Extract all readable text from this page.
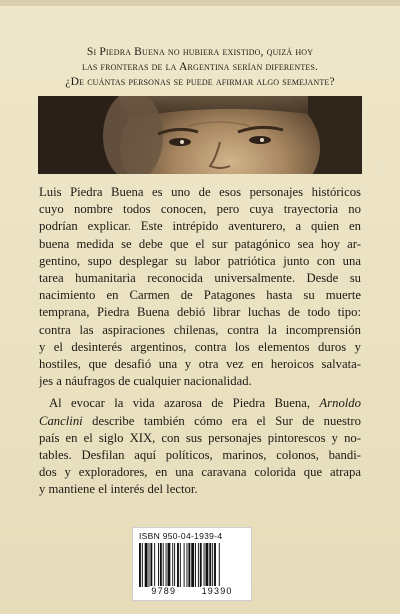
Si Piedra Buena no hubiera existido, quizá hoy
las fronteras de la Argentina serían diferentes.
¿De cuántas personas se puede afirmar algo semejante?
Luis Piedra Buena es uno de esos personajes históricos
cuyo nombre todos conocen, pero cuya trayectoria no
podrían explicar. Este intrépido aventurero, a quien en
buena medida se debe que el sur patagónico sea hoy ar-
gentino, supo desplegar su labor patriótica junto con una
tarea humanitaria reconocida universalmente. Desde su
nacimiento en Carmen de Patagones hasta su muerte
temprana, Piedra Buena debió librar luchas de todo tipo:
contra las aspiraciones chilenas, contra la incomprensión
y el desinterés argentinos, contra los elementos duros y
hostiles, que desafió una y otra vez en heroicos salvata-
jes a náufragos de cualquier nacionalidad.
Al evocar la vida azarosa de Piedra Buena, Arnoldo
Canclini describe también cómo era el Sur de nuestro
país en el siglo XIX, con sus personajes pintorescos y no-
tables. Desfilan aquí políticos, marinos, colonos, bandi-
dos y exploradores, en una caravana colorida que atrapa
y mantiene el interés del lector.
ISBN 950-04-1939-4
9789	19390
